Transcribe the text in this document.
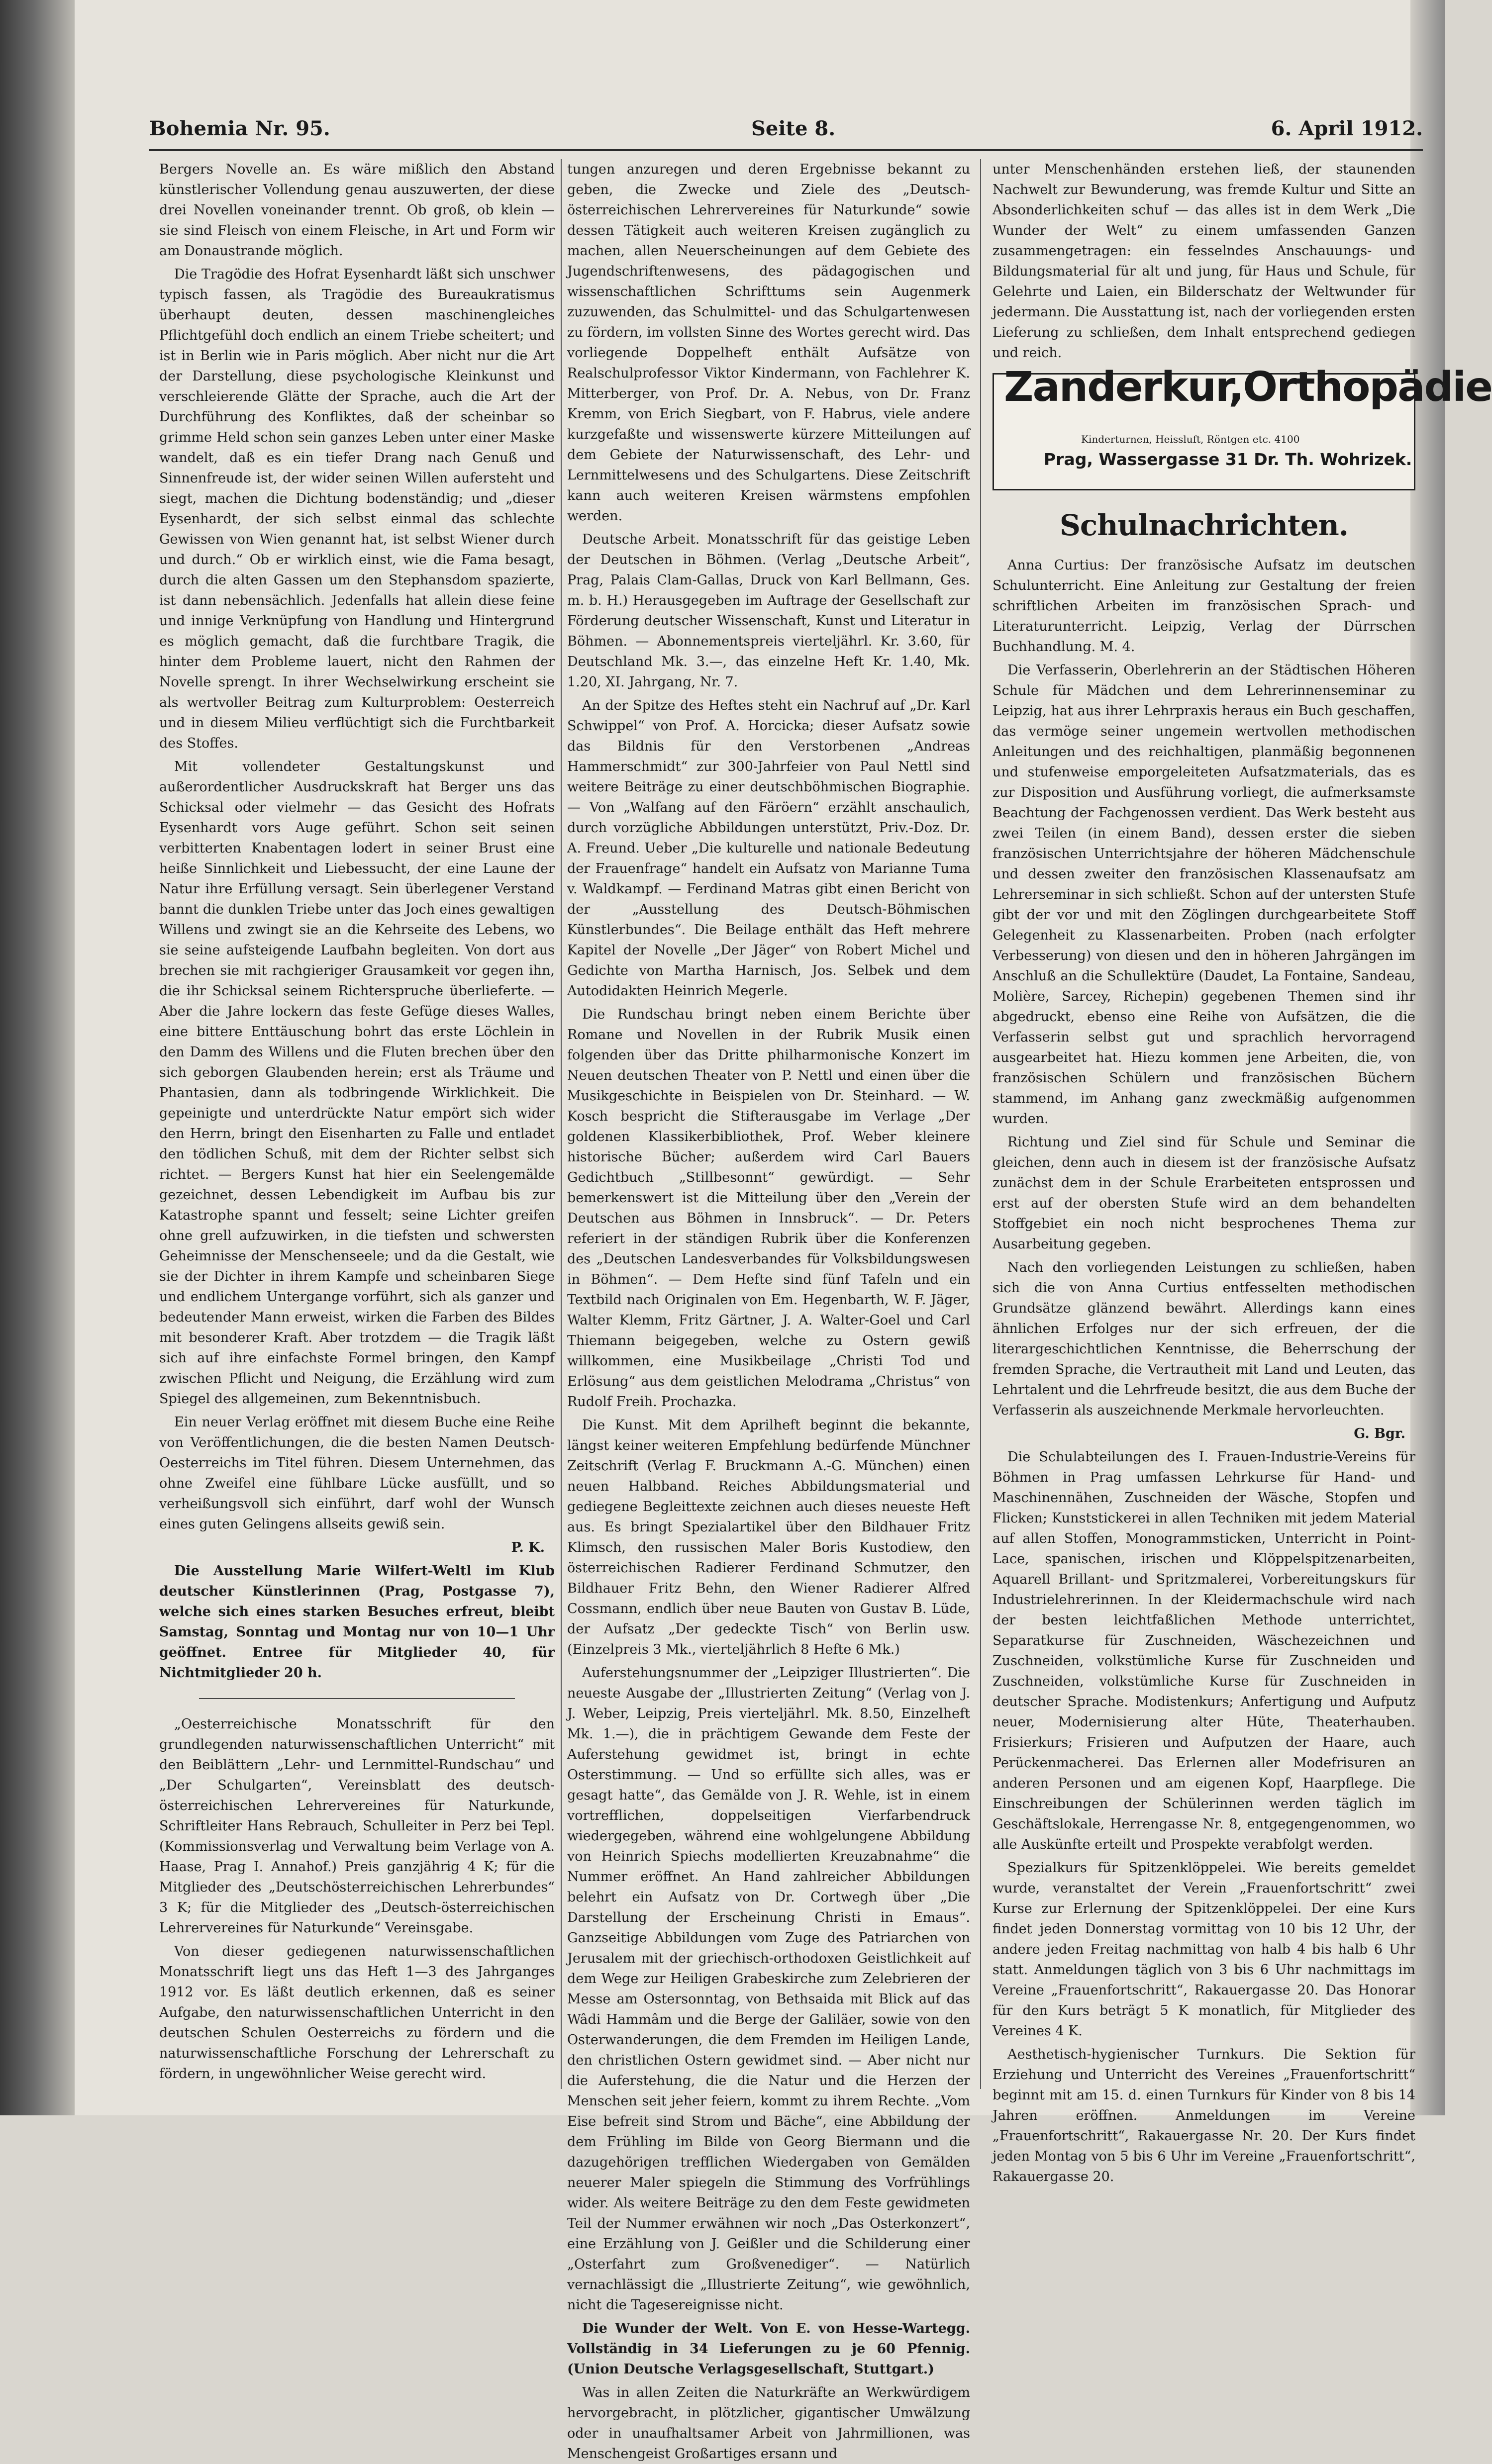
Bohemia Nr. 95.	Seite 8.	6. April 1912.

Bergers Novelle an. Es wäre mißlich den Abstand künstlerischer Vollendung genau auszuwerten, der diese drei Novellen voneinander trennt. Ob groß, ob klein — sie sind Fleisch von einem Fleische, in Art und Form wir am Donaustrande möglich.

Die Tragödie des Hofrat Eysenhardt läßt sich unschwer typisch fassen, als Tragödie des Bureaukratismus überhaupt deuten, dessen maschinengleiches Pflichtgefühl doch endlich an einem Triebe scheitert; und ist in Berlin wie in Paris möglich. Aber nicht nur die Art der Darstellung, diese psychologische Kleinkunst und verschleierende Glätte der Sprache, auch die Art der Durchführung des Konfliktes, daß der scheinbar so grimme Held schon sein ganzes Leben unter einer Maske wandelt, daß es ein tiefer Drang nach Genuß und Sinnenfreude ist, der wider seinen Willen aufersteht und siegt, machen die Dichtung bodenständig; und „dieser Eysenhardt, der sich selbst einmal das schlechte Gewissen von Wien genannt hat, ist selbst Wiener durch und durch.“ Ob er wirklich einst, wie die Fama besagt, durch die alten Gassen um den Stephansdom spazierte, ist dann nebensächlich. Jedenfalls hat allein diese feine und innige Verknüpfung von Handlung und Hintergrund es möglich gemacht, daß die furchtbare Tragik, die hinter dem Probleme lauert, nicht den Rahmen der Novelle sprengt. In ihrer Wechselwirkung erscheint sie als wertvoller Beitrag zum Kulturproblem: Oesterreich und in diesem Milieu verflüchtigt sich die Furchtbarkeit des Stoffes.

Mit vollendeter Gestaltungskunst und außerordentlicher Ausdruckskraft hat Berger uns das Schicksal oder vielmehr — das Gesicht des Hofrats Eysenhardt vors Auge geführt. Schon seit seinen verbitterten Knabentagen lodert in seiner Brust eine heiße Sinnlichkeit und Liebessucht, der eine Laune der Natur ihre Erfüllung versagt. Sein überlegener Verstand bannt die dunklen Triebe unter das Joch eines gewaltigen Willens und zwingt sie an die Kehrseite des Lebens, wo sie seine aufsteigende Laufbahn begleiten. Von dort aus brechen sie mit rachgieriger Grausamkeit vor gegen ihn, die ihr Schicksal seinem Richterspruche überlieferte. — Aber die Jahre lockern das feste Gefüge dieses Walles, eine bittere Enttäuschung bohrt das erste Löchlein in den Damm des Willens und die Fluten brechen über den sich geborgen Glaubenden herein; erst als Träume und Phantasien, dann als todbringende Wirklichkeit. Die gepeinigte und unterdrückte Natur empört sich wider den Herrn, bringt den Eisenharten zu Falle und entladet den tödlichen Schuß, mit dem der Richter selbst sich richtet. — Bergers Kunst hat hier ein Seelengemälde gezeichnet, dessen Lebendigkeit im Aufbau bis zur Katastrophe spannt und fesselt; seine Lichter greifen ohne grell aufzuwirken, in die tiefsten und schwersten Geheimnisse der Menschenseele; und da die Gestalt, wie sie der Dichter in ihrem Kampfe und scheinbaren Siege und endlichem Untergange vorführt, sich als ganzer und bedeutender Mann erweist, wirken die Farben des Bildes mit besonderer Kraft. Aber trotzdem — die Tragik läßt sich auf ihre einfachste Formel bringen, den Kampf zwischen Pflicht und Neigung, die Erzählung wird zum Spiegel des allgemeinen, zum Bekenntnisbuch.

Ein neuer Verlag eröffnet mit diesem Buche eine Reihe von Veröffentlichungen, die die besten Namen Deutsch-Oesterreichs im Titel führen. Diesem Unternehmen, das ohne Zweifel eine fühlbare Lücke ausfüllt, und so verheißungsvoll sich einführt, darf wohl der Wunsch eines guten Gelingens allseits gewiß sein.

P. K.

Die Ausstellung Marie Wilfert-Weltl im Klub deutscher Künstlerinnen (Prag, Postgasse 7), welche sich eines starken Besuches erfreut, bleibt Samstag, Sonntag und Montag nur von 10—1 Uhr geöffnet. Entree für Mitglieder 40, für Nichtmitglieder 20 h.

„Oesterreichische Monatsschrift für den grundlegenden naturwissenschaftlichen Unterricht“ mit den Beiblättern „Lehr- und Lernmittel-Rundschau“ und „Der Schulgarten“, Vereinsblatt des deutsch-österreichischen Lehrervereines für Naturkunde, Schriftleiter Hans Rebrauch, Schulleiter in Perz bei Tepl. (Kommissionsverlag und Verwaltung beim Verlage von A. Haase, Prag I. Annahof.) Preis ganzjährig 4 K; für die Mitglieder des „Deutschösterreichischen Lehrerbundes“ 3 K; für die Mitglieder des „Deutsch-österreichischen Lehrervereines für Naturkunde“ Vereinsgabe.

Von dieser gediegenen naturwissenschaftlichen Monatsschrift liegt uns das Heft 1—3 des Jahrganges 1912 vor. Es läßt deutlich erkennen, daß es seiner Aufgabe, den naturwissenschaftlichen Unterricht in den deutschen Schulen Oesterreichs zu fördern und die naturwissenschaftliche Forschung der Lehrerschaft zu fördern, in ungewöhnlicher Weise gerecht wird.

tungen anzuregen und deren Ergebnisse bekannt zu geben, die Zwecke und Ziele des „Deutsch-österreichischen Lehrervereines für Naturkunde“ sowie dessen Tätigkeit auch weiteren Kreisen zugänglich zu machen, allen Neuerscheinungen auf dem Gebiete des Jugendschriftenwesens, des pädagogischen und wissenschaftlichen Schrifttums sein Augenmerk zuzuwenden, das Schulmittel- und das Schulgartenwesen zu fördern, im vollsten Sinne des Wortes gerecht wird. Das vorliegende Doppelheft enthält Aufsätze von Realschulprofessor Viktor Kindermann, von Fachlehrer K. Mitterberger, von Prof. Dr. A. Nebus, von Dr. Franz Kremm, von Erich Siegbart, von F. Habrus, viele andere kurzgefaßte und wissenswerte kürzere Mitteilungen auf dem Gebiete der Naturwissenschaft, des Lehr- und Lernmittelwesens und des Schulgartens. Diese Zeitschrift kann auch weiteren Kreisen wärmstens empfohlen werden.

Deutsche Arbeit. Monatsschrift für das geistige Leben der Deutschen in Böhmen. (Verlag „Deutsche Arbeit“, Prag, Palais Clam-Gallas, Druck von Karl Bellmann, Ges. m. b. H.) Herausgegeben im Auftrage der Gesellschaft zur Förderung deutscher Wissenschaft, Kunst und Literatur in Böhmen. — Abonnementspreis vierteljährl. Kr. 3.60, für Deutschland Mk. 3.—, das einzelne Heft Kr. 1.40, Mk. 1.20, XI. Jahrgang, Nr. 7.

An der Spitze des Heftes steht ein Nachruf auf „Dr. Karl Schwippel“ von Prof. A. Horcicka; dieser Aufsatz sowie das Bildnis für den Verstorbenen „Andreas Hammerschmidt“ zur 300-Jahrfeier von Paul Nettl sind weitere Beiträge zu einer deutschböhmischen Biographie. — Von „Walfang auf den Färöern“ erzählt anschaulich, durch vorzügliche Abbildungen unterstützt, Priv.-Doz. Dr. A. Freund. Ueber „Die kulturelle und nationale Bedeutung der Frauenfrage“ handelt ein Aufsatz von Marianne Tuma v. Waldkampf. — Ferdinand Matras gibt einen Bericht von der „Ausstellung des Deutsch-Böhmischen Künstlerbundes“. Die Beilage enthält das Heft mehrere Kapitel der Novelle „Der Jäger“ von Robert Michel und Gedichte von Martha Harnisch, Jos. Selbek und dem Autodidakten Heinrich Megerle.

Die Rundschau bringt neben einem Berichte über Romane und Novellen in der Rubrik Musik einen folgenden über das Dritte philharmonische Konzert im Neuen deutschen Theater von P. Nettl und einen über die Musikgeschichte in Beispielen von Dr. Steinhard. — W. Kosch bespricht die Stifterausgabe im Verlage „Der goldenen Klassikerbibliothek, Prof. Weber kleinere historische Bücher; außerdem wird Carl Bauers Gedichtbuch „Stillbesonnt“ gewürdigt. — Sehr bemerkenswert ist die Mitteilung über den „Verein der Deutschen aus Böhmen in Innsbruck“. — Dr. Peters referiert in der ständigen Rubrik über die Konferenzen des „Deutschen Landesverbandes für Volksbildungswesen in Böhmen“. — Dem Hefte sind fünf Tafeln und ein Textbild nach Originalen von Em. Hegenbarth, W. F. Jäger, Walter Klemm, Fritz Gärtner, J. A. Walter-Goel und Carl Thiemann beigegeben, welche zu Ostern gewiß willkommen, eine Musikbeilage „Christi Tod und Erlösung“ aus dem geistlichen Melodrama „Christus“ von Rudolf Freih. Prochazka.

Die Kunst. Mit dem Aprilheft beginnt die bekannte, längst keiner weiteren Empfehlung bedürfende Münchner Zeitschrift (Verlag F. Bruckmann A.-G. München) einen neuen Halbband. Reiches Abbildungsmaterial und gediegene Begleittexte zeichnen auch dieses neueste Heft aus. Es bringt Spezialartikel über den Bildhauer Fritz Klimsch, den russischen Maler Boris Kustodiew, den österreichischen Radierer Ferdinand Schmutzer, den Bildhauer Fritz Behn, den Wiener Radierer Alfred Cossmann, endlich über neue Bauten von Gustav B. Lüde, der Aufsatz „Der gedeckte Tisch“ von Berlin usw. (Einzelpreis 3 Mk., vierteljährlich 8 Hefte 6 Mk.)

Auferstehungsnummer der „Leipziger Illustrierten“. Die neueste Ausgabe der „Illustrierten Zeitung“ (Verlag von J. J. Weber, Leipzig, Preis vierteljährl. Mk. 8.50, Einzelheft Mk. 1.—), die in prächtigem Gewande dem Feste der Auferstehung gewidmet ist, bringt in echte Osterstimmung. — Und so erfüllte sich alles, was er gesagt hatte“, das Gemälde von J. R. Wehle, ist in einem vortrefflichen, doppelseitigen Vierfarbendruck wiedergegeben, während eine wohlgelungene Abbildung von Heinrich Spiechs modellierten Kreuzabnahme“ die Nummer eröffnet. An Hand zahlreicher Abbildungen belehrt ein Aufsatz von Dr. Cortwegh über „Die Darstellung der Erscheinung Christi in Emaus“. Ganzseitige Abbildungen vom Zuge des Patriarchen von Jerusalem mit der griechisch-orthodoxen Geistlichkeit auf dem Wege zur Heiligen Grabeskirche zum Zelebrieren der Messe am Ostersonntag, von Bethsaida mit Blick auf das Wâdi Hammâm und die Berge der Galiläer, sowie von den Osterwanderungen, die dem Fremden im Heiligen Lande, den christlichen Ostern gewidmet sind. — Aber nicht nur die Auferstehung, die die Natur und die Herzen der Menschen seit jeher feiern, kommt zu ihrem Rechte. „Vom Eise befreit sind Strom und Bäche“, eine Abbildung der dem Frühling im Bilde von Georg Biermann und die dazugehörigen trefflichen Wiedergaben von Gemälden neuerer Maler spiegeln die Stimmung des Vorfrühlings wider. Als weitere Beiträge zu den dem Feste gewidmeten Teil der Nummer erwähnen wir noch „Das Osterkonzert“, eine Erzählung von J. Geißler und die Schilderung einer „Osterfahrt zum Großvenediger“. — Natürlich vernachlässigt die „Illustrierte Zeitung“, wie gewöhnlich, nicht die Tagesereignisse nicht.

Die Wunder der Welt. Von E. von Hesse-Wartegg. Vollständig in 34 Lieferungen zu je 60 Pfennig. (Union Deutsche Verlagsgesellschaft, Stuttgart.)

Was in allen Zeiten die Naturkräfte an Werkwürdigem hervorgebracht, in plötzlicher, gigantischer Umwälzung oder in unaufhaltsamer Arbeit von Jahrmillionen, was Menschengeist Großartiges ersann und

unter Menschenhänden erstehen ließ, der staunenden Nachwelt zur Bewunderung, was fremde Kultur und Sitte an Absonderlichkeiten schuf — das alles ist in dem Werk „Die Wunder der Welt“ zu einem umfassenden Ganzen zusammengetragen: ein fesselndes Anschauungs- und Bildungsmaterial für alt und jung, für Haus und Schule, für Gelehrte und Laien, ein Bilderschatz der Weltwunder für jedermann. Die Ausstattung ist, nach der vorliegenden ersten Lieferung zu schließen, dem Inhalt entsprechend gediegen und reich.

Zanderkur,Orthopädie
Kinderturnen, Heissluft, Röntgen etc. 4100
Prag, Wassergasse 31 Dr. Th. Wohrizek.
Schulnachrichten.

Anna Curtius: Der französische Aufsatz im deutschen Schulunterricht. Eine Anleitung zur Gestaltung der freien schriftlichen Arbeiten im französischen Sprach- und Literaturunterricht. Leipzig, Verlag der Dürrschen Buchhandlung. M. 4.

Die Verfasserin, Oberlehrerin an der Städtischen Höheren Schule für Mädchen und dem Lehrerinnenseminar zu Leipzig, hat aus ihrer Lehrpraxis heraus ein Buch geschaffen, das vermöge seiner ungemein wertvollen methodischen Anleitungen und des reichhaltigen, planmäßig begonnenen und stufenweise emporgeleiteten Aufsatzmaterials, das es zur Disposition und Ausführung vorliegt, die aufmerksamste Beachtung der Fachgenossen verdient. Das Werk besteht aus zwei Teilen (in einem Band), dessen erster die sieben französischen Unterrichtsjahre der höheren Mädchenschule und dessen zweiter den französischen Klassenaufsatz am Lehrerseminar in sich schließt. Schon auf der untersten Stufe gibt der vor und mit den Zöglingen durchgearbeitete Stoff Gelegenheit zu Klassenarbeiten. Proben (nach erfolgter Verbesserung) von diesen und den in höheren Jahrgängen im Anschluß an die Schullektüre (Daudet, La Fontaine, Sandeau, Molière, Sarcey, Richepin) gegebenen Themen sind ihr abgedruckt, ebenso eine Reihe von Aufsätzen, die die Verfasserin selbst gut und sprachlich hervorragend ausgearbeitet hat. Hiezu kommen jene Arbeiten, die, von französischen Schülern und französischen Büchern stammend, im Anhang ganz zweckmäßig aufgenommen wurden.

Richtung und Ziel sind für Schule und Seminar die gleichen, denn auch in diesem ist der französische Aufsatz zunächst dem in der Schule Erarbeiteten entsprossen und erst auf der obersten Stufe wird an dem behandelten Stoffgebiet ein noch nicht besprochenes Thema zur Ausarbeitung gegeben.

Nach den vorliegenden Leistungen zu schließen, haben sich die von Anna Curtius entfesselten methodischen Grundsätze glänzend bewährt. Allerdings kann eines ähnlichen Erfolges nur der sich erfreuen, der die literargeschichtlichen Kenntnisse, die Beherrschung der fremden Sprache, die Vertrautheit mit Land und Leuten, das Lehrtalent und die Lehrfreude besitzt, die aus dem Buche der Verfasserin als auszeichnende Merkmale hervorleuchten.

G. Bgr.

Die Schulabteilungen des I. Frauen-Industrie-Vereins für Böhmen in Prag umfassen Lehrkurse für Hand- und Maschinennähen, Zuschneiden der Wäsche, Stopfen und Flicken; Kunststickerei in allen Techniken mit jedem Material auf allen Stoffen, Monogrammsticken, Unterricht in Point-Lace, spanischen, irischen und Klöppelspitzenarbeiten, Aquarell Brillant- und Spritzmalerei, Vorbereitungskurs für Industrielehrerinnen. In der Kleidermachschule wird nach der besten leichtfaßlichen Methode unterrichtet, Separatkurse für Zuschneiden, Wäschezeichnen und Zuschneiden, volkstümliche Kurse für Zuschneiden und Zuschneiden, volkstümliche Kurse für Zuschneiden in deutscher Sprache. Modistenkurs; Anfertigung und Aufputz neuer, Modernisierung alter Hüte, Theaterhauben. Frisierkurs; Frisieren und Aufputzen der Haare, auch Perückenmacherei. Das Erlernen aller Modefrisuren an anderen Personen und am eigenen Kopf, Haarpflege. Die Einschreibungen der Schülerinnen werden täglich im Geschäftslokale, Herrengasse Nr. 8, entgegengenommen, wo alle Auskünfte erteilt und Prospekte verabfolgt werden.

Spezialkurs für Spitzenklöppelei. Wie bereits gemeldet wurde, veranstaltet der Verein „Frauenfortschritt“ zwei Kurse zur Erlernung der Spitzenklöppelei. Der eine Kurs findet jeden Donnerstag vormittag von 10 bis 12 Uhr, der andere jeden Freitag nachmittag von halb 4 bis halb 6 Uhr statt. Anmeldungen täglich von 3 bis 6 Uhr nachmittags im Vereine „Frauenfortschritt“, Rakauergasse 20. Das Honorar für den Kurs beträgt 5 K monatlich, für Mitglieder des Vereines 4 K.

Aesthetisch-hygienischer Turnkurs. Die Sektion für Erziehung und Unterricht des Vereines „Frauenfortschritt“ beginnt mit am 15. d. einen Turnkurs für Kinder von 8 bis 14 Jahren eröffnen. Anmeldungen im Vereine „Frauenfortschritt“, Rakauergasse Nr. 20. Der Kurs findet jeden Montag von 5 bis 6 Uhr im Vereine „Frauenfortschritt“, Rakauergasse 20.
